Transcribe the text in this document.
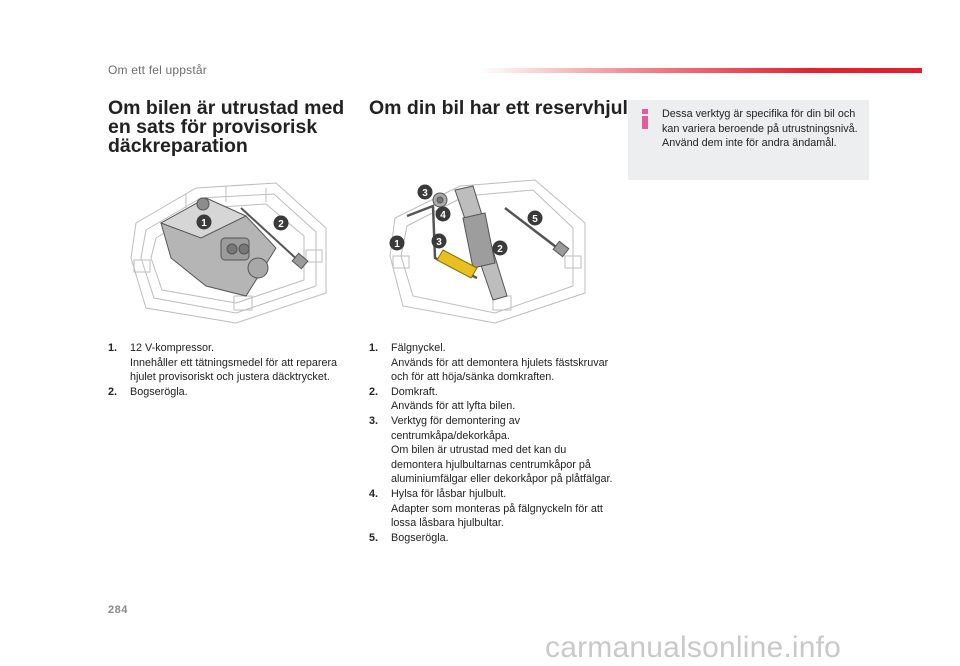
Om ett fel uppstår
Om bilen är utrustad med en sats för provisorisk däckreparation
1	2
1. 12 V-kompressor.
Innehåller ett tätningsmedel för att reparera hjulet provisoriskt och justera däcktrycket.
2. Bogserögla.
Om din bil har ett reservhjul
3
4
1	3
2
5
1. Fälgnyckel.
Används för att demontera hjulets fästskruvar och för att höja/sänka domkraften.
2. Domkraft.
Används för att lyfta bilen.
3. Verktyg för demontering av centrumkåpa/dekorkåpa.
Om bilen är utrustad med det kan du demontera hjulbultarnas centrumkåpor på aluminiumfälgar eller dekorkåpor på plåtfälgar.
4. Hylsa för låsbar hjulbult.
Adapter som monteras på fälgnyckeln för att lossa låsbara hjulbultar.
5. Bogserögla.
Dessa verktyg är specifika för din bil och kan variera beroende på utrustningsnivå. Använd dem inte för andra ändamål.
284
carmanualsonline.info
